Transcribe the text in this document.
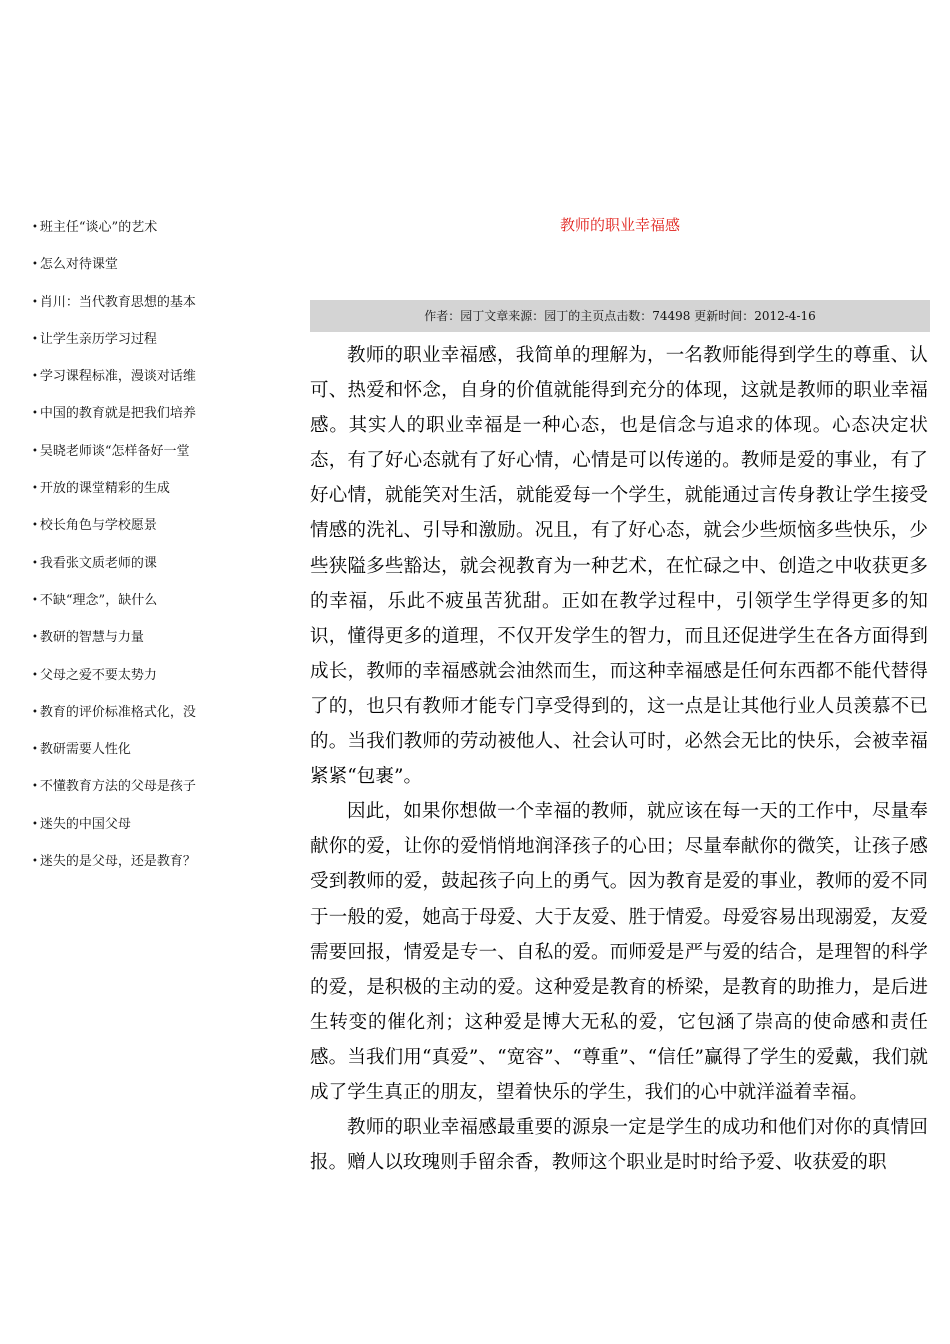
• 班主任“谈心”的艺术
• 怎么对待课堂
• 肖川：当代教育思想的基本
• 让学生亲历学习过程
• 学习课程标准，漫谈对话维
• 中国的教育就是把我们培养
• 吴晓老师谈“怎样备好一堂
• 开放的课堂精彩的生成
• 校长角色与学校愿景
• 我看张文质老师的课
• 不缺“理念”，缺什么
• 教研的智慧与力量
• 父母之爱不要太势力
• 教育的评价标准格式化，没
• 教研需要人性化
• 不懂教育方法的父母是孩子
• 迷失的中国父母
• 迷失的是父母，还是教育？
教师的职业幸福感
作者：园丁文章来源：园丁的主页点击数：74498 更新时间：2012-4-16

教师的职业幸福感，我简单的理解为，一名教师能得到学生的尊重、认可、热爱和怀念，自身的价值就能得到充分的体现，这就是教师的职业幸福感。其实人的职业幸福是一种心态，也是信念与追求的体现。心态决定状态，有了好心态就有了好心情，心情是可以传递的。教师是爱的事业，有了好心情，就能笑对生活，就能爱每一个学生，就能通过言传身教让学生接受情感的洗礼、引导和激励。况且，有了好心态，就会少些烦恼多些快乐，少些狭隘多些豁达，就会视教育为一种艺术，在忙碌之中、创造之中收获更多的幸福，乐此不疲虽苦犹甜。正如在教学过程中，引领学生学得更多的知识，懂得更多的道理，不仅开发学生的智力，而且还促进学生在各方面得到成长，教师的幸福感就会油然而生，而这种幸福感是任何东西都不能代替得了的，也只有教师才能专门享受得到的，这一点是让其他行业人员羡慕不已的。当我们教师的劳动被他人、社会认可时，必然会无比的快乐，会被幸福紧紧“包裹”。

因此，如果你想做一个幸福的教师，就应该在每一天的工作中，尽量奉献你的爱，让你的爱悄悄地润泽孩子的心田；尽量奉献你的微笑，让孩子感受到教师的爱，鼓起孩子向上的勇气。因为教育是爱的事业，教师的爱不同于一般的爱，她高于母爱、大于友爱、胜于情爱。母爱容易出现溺爱，友爱需要回报，情爱是专一、自私的爱。而师爱是严与爱的结合，是理智的科学的爱，是积极的主动的爱。这种爱是教育的桥梁，是教育的助推力，是后进生转变的催化剂；这种爱是博大无私的爱，它包涵了崇高的使命感和责任感。当我们用“真爱”、“宽容”、“尊重”、“信任”赢得了学生的爱戴，我们就成了学生真正的朋友，望着快乐的学生，我们的心中就洋溢着幸福。

教师的职业幸福感最重要的源泉一定是学生的成功和他们对你的真情回报。赠人以玫瑰则手留余香，教师这个职业是时时给予爱、收获爱的职
